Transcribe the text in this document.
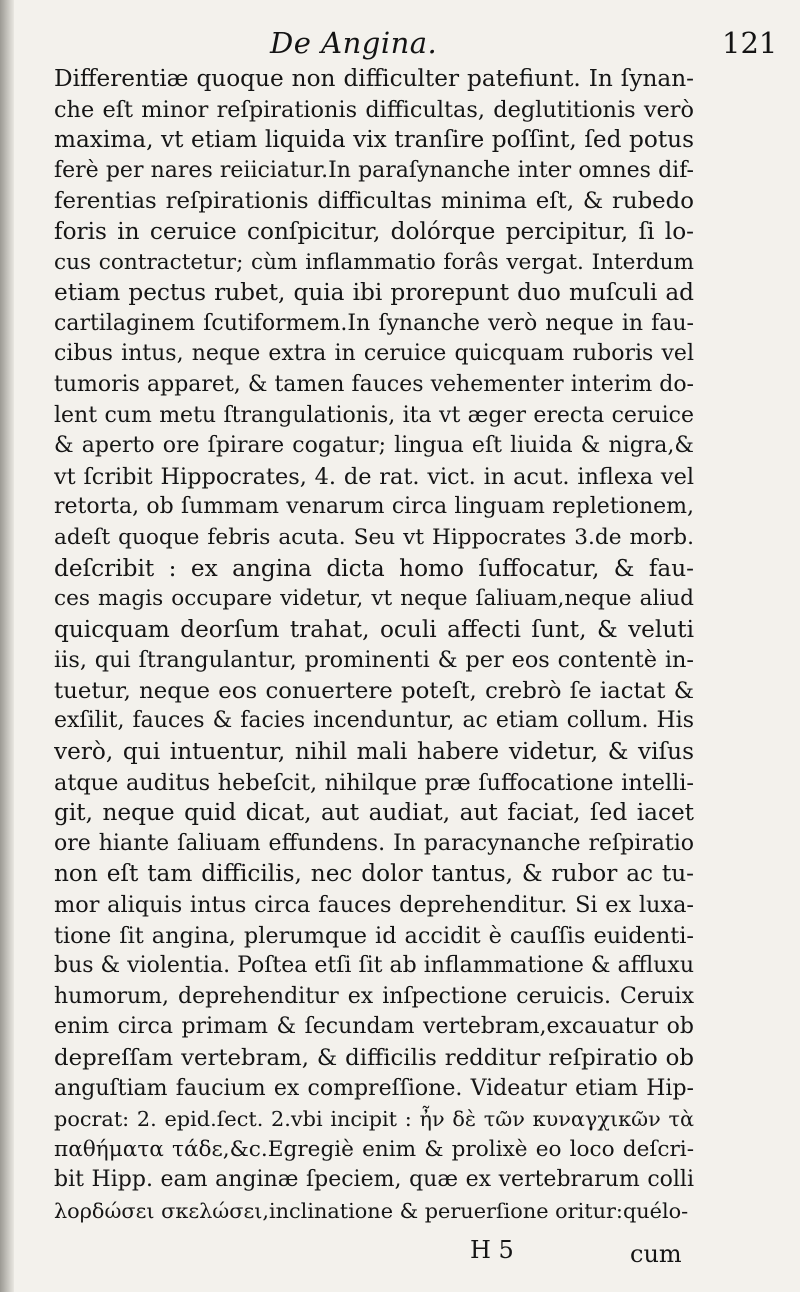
De Angina.	121
Differentiæ quoque non difficulter patefiunt. In ſynan-
che eſt minor reſpirationis difficultas, deglutitionis verò
maxima, vt etiam liquida vix tranſire poſſint, ſed potus
ferè per nares reiiciatur.In paraſynanche inter omnes dif-
ferentias reſpirationis difficultas minima eſt, & rubedo
foris in ceruice conſpicitur, dolórque percipitur, ſi lo-
cus contractetur; cùm inflammatio forâs vergat. Interdum
etiam pectus rubet, quia ibi prorepunt duo muſculi ad
cartilaginem ſcutiformem.In ſynanche verò neque in fau-
cibus intus, neque extra in ceruice quicquam ruboris vel
tumoris apparet, & tamen fauces vehementer interim do-
lent cum metu ſtrangulationis, ita vt æger erecta ceruice
& aperto ore ſpirare cogatur; lingua eſt liuida & nigra,&
vt ſcribit Hippocrates, 4. de rat. vict. in acut. inflexa vel
retorta, ob ſummam venarum circa linguam repletionem,
adeſt quoque febris acuta. Seu vt Hippocrates 3.de morb.
deſcribit : ex angina dicta homo ſuffocatur, & fau-
ces magis occupare videtur, vt neque ſaliuam,neque aliud
quicquam deorſum trahat, oculi affecti ſunt, & veluti
iis, qui ſtrangulantur, prominenti & per eos contentè in-
tuetur, neque eos conuertere poteſt, crebrò ſe iactat &
exſilit, fauces & facies incenduntur, ac etiam collum. His
verò, qui intuentur, nihil mali habere videtur, & viſus
atque auditus hebeſcit, nihilque præ ſuffocatione intelli-
git, neque quid dicat, aut audiat, aut faciat, ſed iacet
ore hiante ſaliuam effundens. In paracynanche reſpiratio
non eſt tam difficilis, nec dolor tantus, & rubor ac tu-
mor aliquis intus circa fauces deprehenditur. Si ex luxa-
tione ſit angina, plerumque id accidit è cauſſis euidenti-
bus & violentia. Poſtea etſi ſit ab inflammatione & affluxu
humorum, deprehenditur ex inſpectione ceruicis. Ceruix
enim circa primam & ſecundam vertebram,excauatur ob
depreſſam vertebram, & difficilis redditur reſpiratio ob
anguſtiam faucium ex compreſſione. Videatur etiam Hip-
pocrat: 2. epid.ſect. 2.vbi incipit : ἦν δὲ τῶν κυναγχικῶν τὰ
παθήματα τάδε,&c.Egregiè enim & prolixè eo loco deſcri-
bit Hipp. eam anginæ ſpeciem, quæ ex vertebrarum colli
λορδώσει σκελώσει,inclinatione & peruerſione oritur:quélo-
H 5	cum
